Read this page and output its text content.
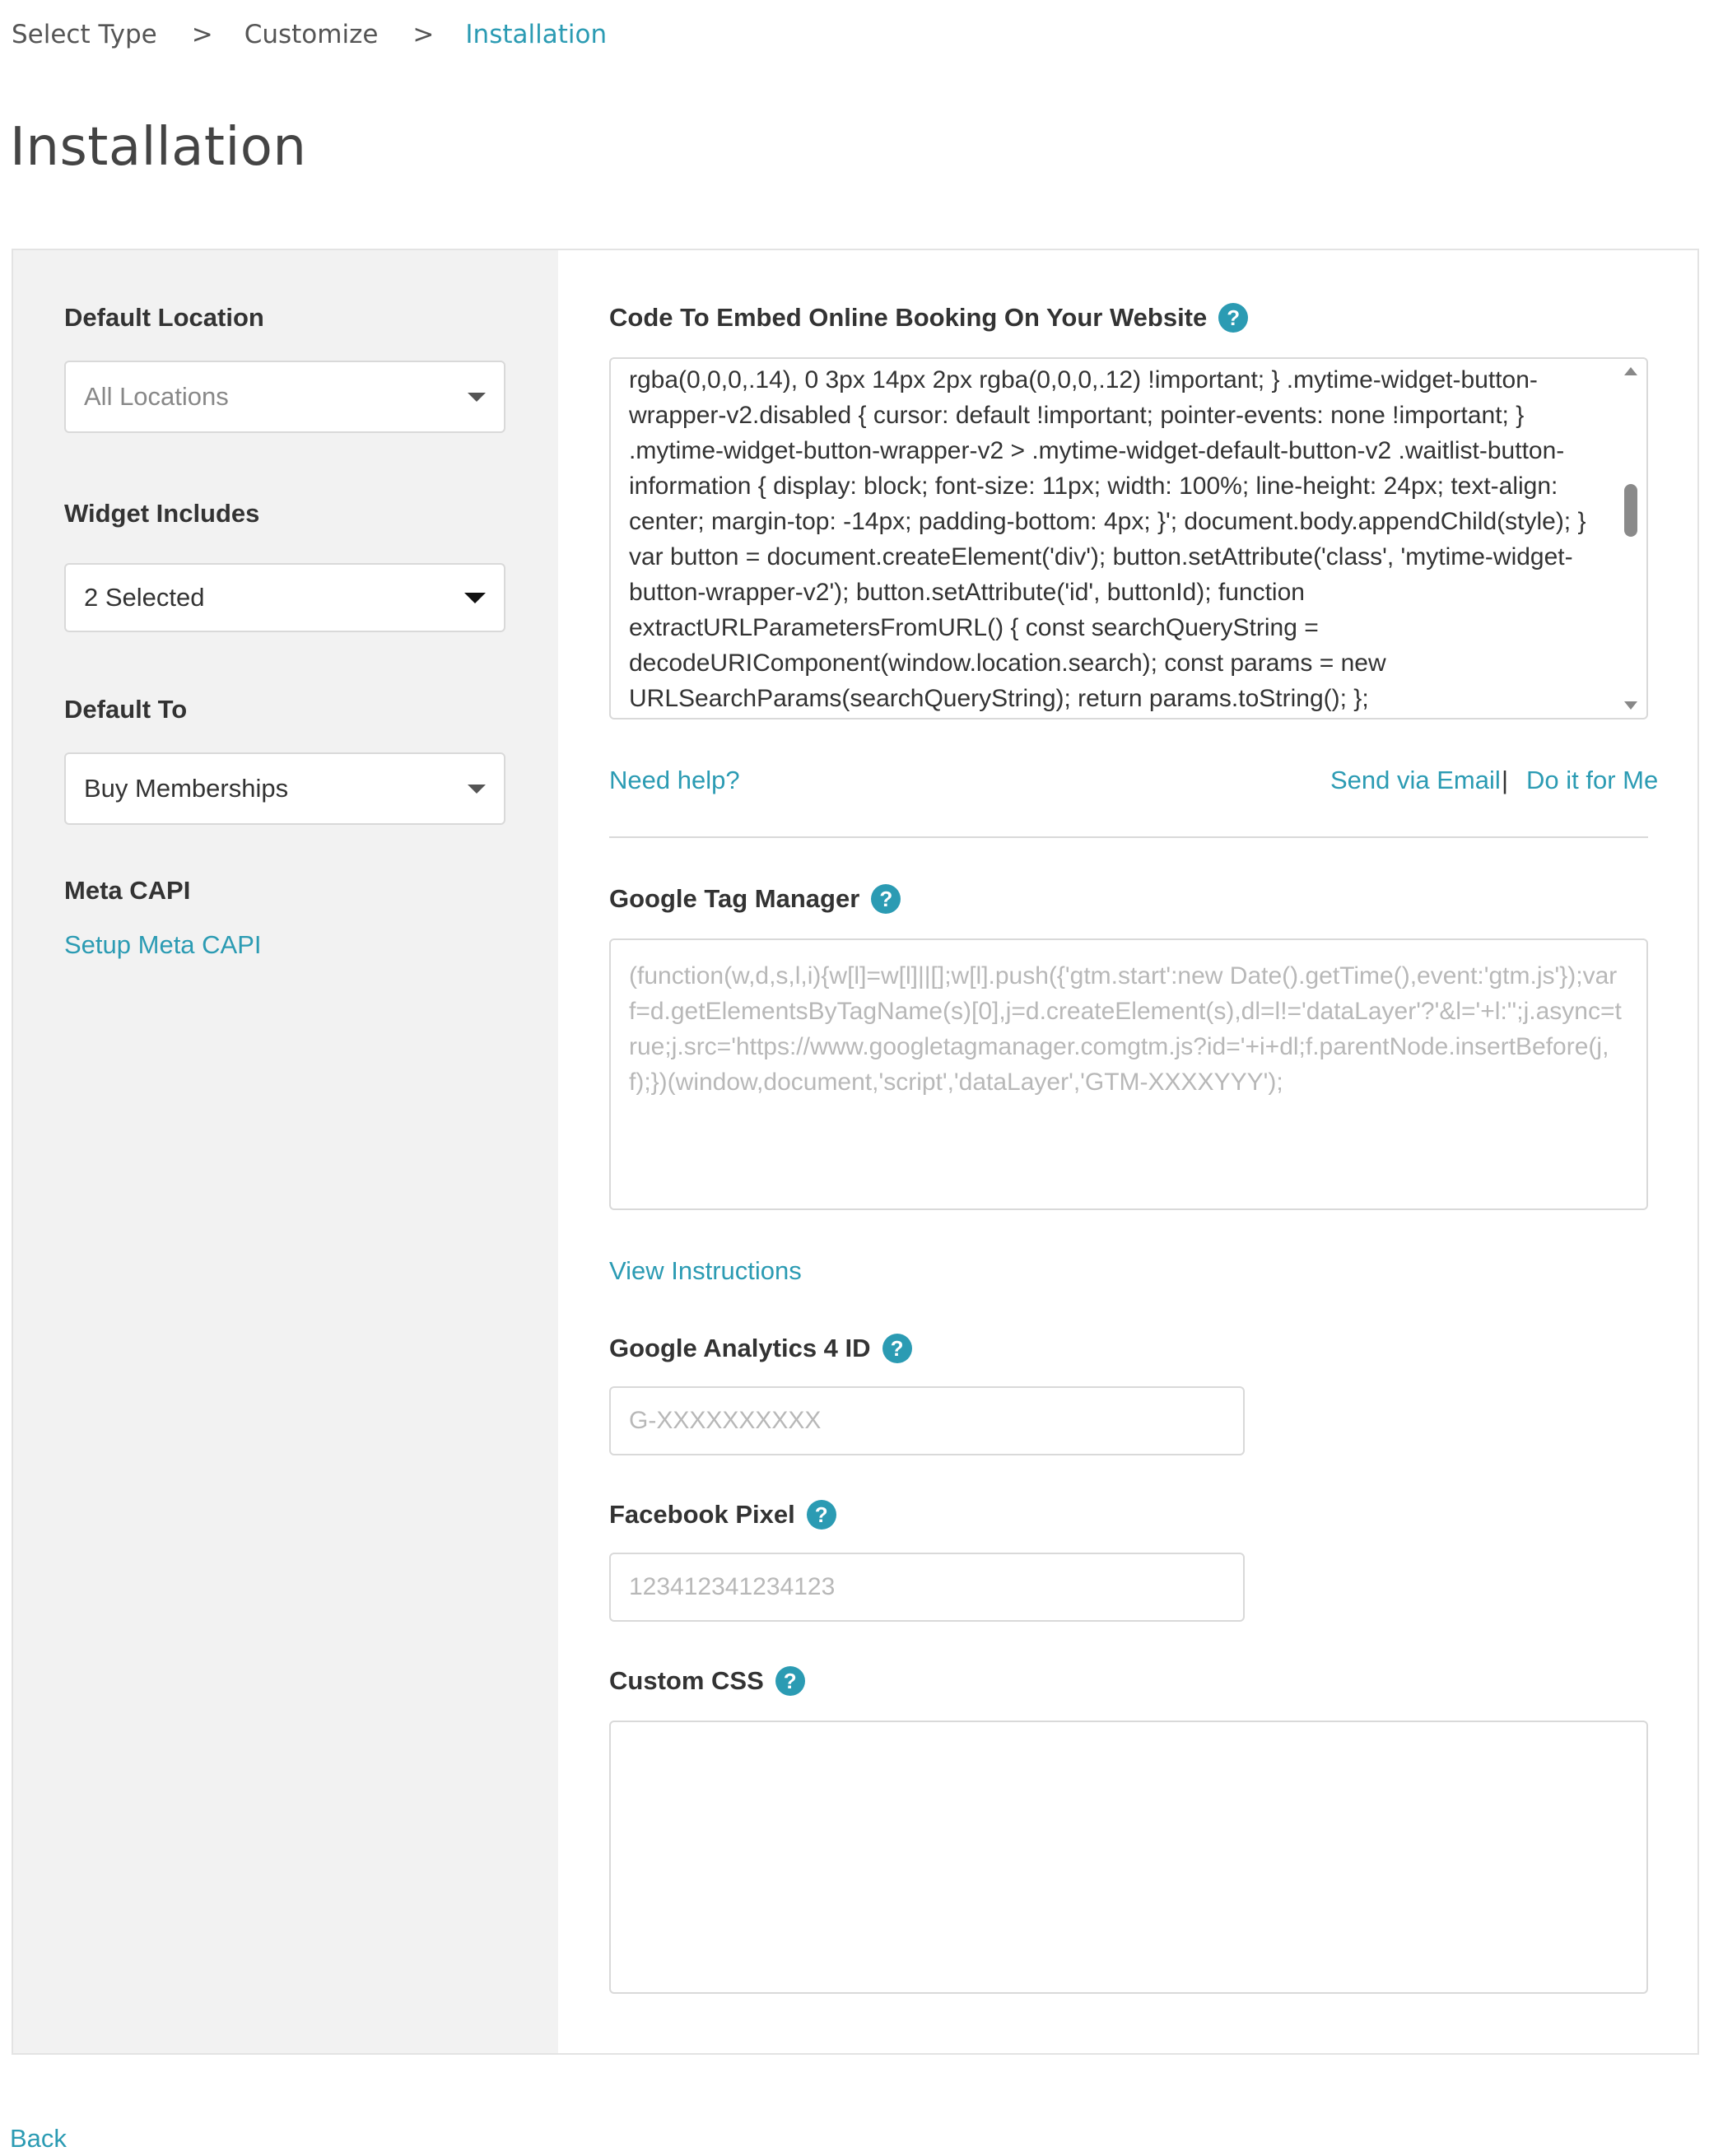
Select Type > Customize > Installation
Installation
Default Location
All Locations
Widget Includes
2 Selected
Default To
Buy Memberships
Meta CAPI
Setup Meta CAPI
Code To Embed Online Booking On Your Website ?
rgba(0,0,0,.14), 0 3px 14px 2px rgba(0,0,0,.12) !important; } .mytime-widget-button-wrapper-v2.disabled { cursor: default !important; pointer-events: none !important; } .mytime-widget-button-wrapper-v2 > .mytime-widget-default-button-v2 .waitlist-button-information { display: block; font-size: 11px; width: 100%; line-height: 24px; text-align: center; margin-top: -14px; padding-bottom: 4px; }'; document.body.appendChild(style); } var button = document.createElement('div'); button.setAttribute('class', 'mytime-widget-button-wrapper-v2'); button.setAttribute('id', buttonId); function extractURLParametersFromURL() { const searchQueryString = decodeURIComponent(window.location.search); const params = new URLSearchParams(searchQueryString); return params.toString(); };
Need help?	Send via Email | Do it for Me
Google Tag Manager ?
(function(w,d,s,l,i){w[l]=w[l]||[];w[l].push({'gtm.start':new Date().getTime(),event:'gtm.js'});var f=d.getElementsByTagName(s)[0],j=d.createElement(s),dl=l!='dataLayer'?'&l='+l:'';j.async=true;j.src='https://www.googletagmanager.comgtm.js?id='+i+dl;f.parentNode.insertBefore(j,f);})(window,document,'script','dataLayer','GTM-XXXXYYY');
View Instructions
Google Analytics 4 ID ?
G-XXXXXXXXXX
Facebook Pixel ?
123412341234123
Custom CSS ?
Back
